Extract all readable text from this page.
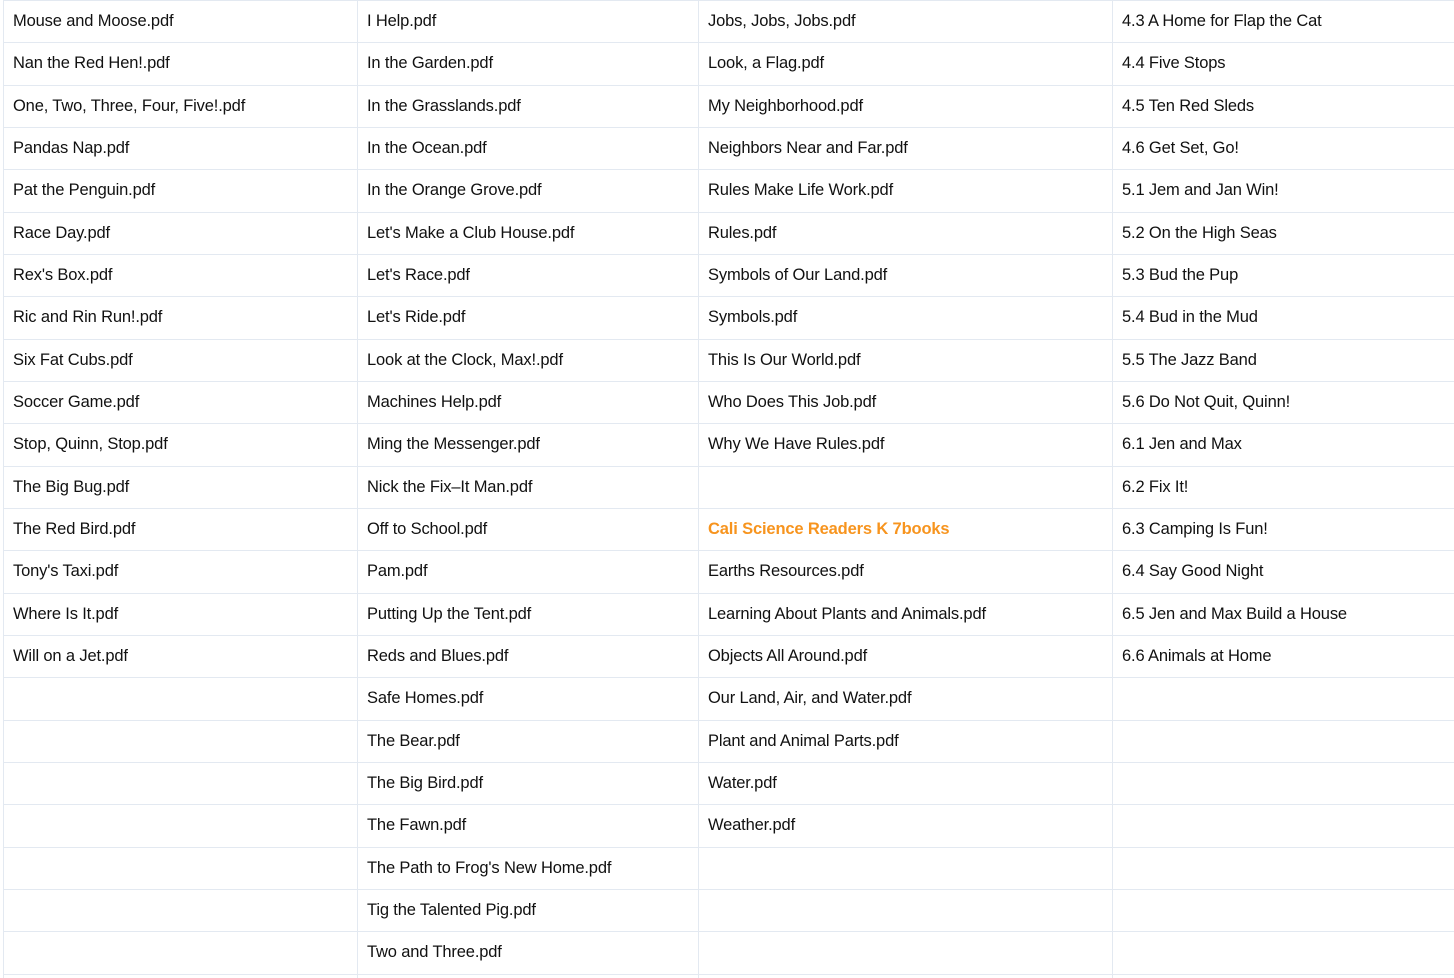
Mouse and Moose.pdf	I Help.pdf	Jobs, Jobs, Jobs.pdf	4.3 A Home for Flap the Cat
Nan the Red Hen!.pdf	In the Garden.pdf	Look, a Flag.pdf	4.4 Five Stops
One, Two, Three, Four, Five!.pdf	In the Grasslands.pdf	My Neighborhood.pdf	4.5 Ten Red Sleds
Pandas Nap.pdf	In the Ocean.pdf	Neighbors Near and Far.pdf	4.6 Get Set, Go!
Pat the Penguin.pdf	In the Orange Grove.pdf	Rules Make Life Work.pdf	5.1 Jem and Jan Win!
Race Day.pdf	Let's Make a Club House.pdf	Rules.pdf	5.2 On the High Seas
Rex's Box.pdf	Let's Race.pdf	Symbols of Our Land.pdf	5.3 Bud the Pup
Ric and Rin Run!.pdf	Let's Ride.pdf	Symbols.pdf	5.4 Bud in the Mud
Six Fat Cubs.pdf	Look at the Clock, Max!.pdf	This Is Our World.pdf	5.5 The Jazz Band
Soccer Game.pdf	Machines Help.pdf	Who Does This Job.pdf	5.6 Do Not Quit, Quinn!
Stop, Quinn, Stop.pdf	Ming the Messenger.pdf	Why We Have Rules.pdf	6.1 Jen and Max
The Big Bug.pdf	Nick the Fix–It Man.pdf		6.2 Fix It!
The Red Bird.pdf	Off to School.pdf	Cali Science Readers K 7books	6.3 Camping Is Fun!
Tony's Taxi.pdf	Pam.pdf	Earths Resources.pdf	6.4 Say Good Night
Where Is It.pdf	Putting Up the Tent.pdf	Learning About Plants and Animals.pdf	6.5 Jen and Max Build a House
Will on a Jet.pdf	Reds and Blues.pdf	Objects All Around.pdf	6.6 Animals at Home
	Safe Homes.pdf	Our Land, Air, and Water.pdf	
	The Bear.pdf	Plant and Animal Parts.pdf	
	The Big Bird.pdf	Water.pdf	
	The Fawn.pdf	Weather.pdf	
	The Path to Frog's New Home.pdf		
	Tig the Talented Pig.pdf		
	Two and Three.pdf		
